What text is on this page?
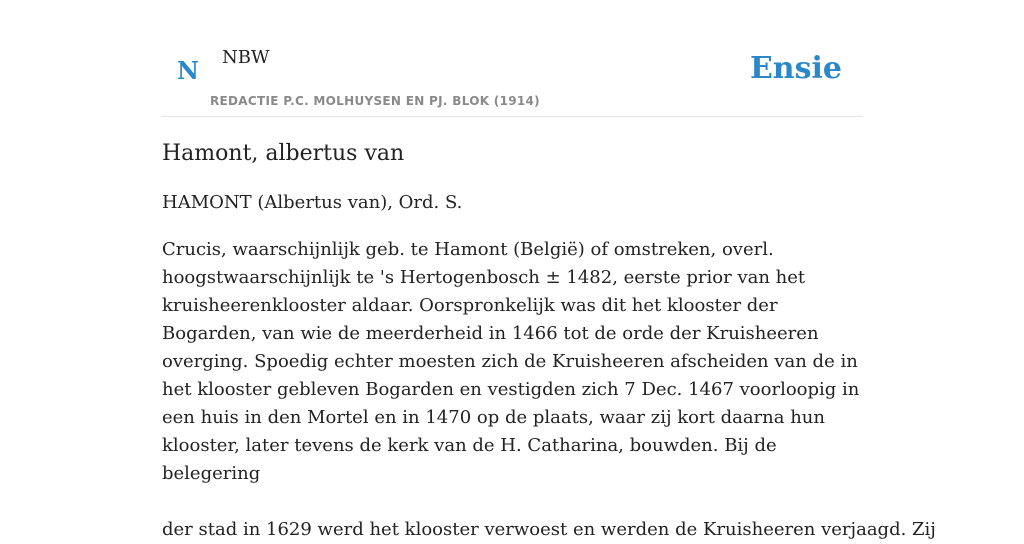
N NBW
REDACTIE P.C. MOLHUYSEN EN PJ. BLOK (1914)
Ensie
Hamont, albertus van

HAMONT (Albertus van), Ord. S.

Crucis, waarschijnlijk geb. te Hamont (België) of omstreken, overl. hoogstwaarschijnlijk te 's Hertogenbosch ± 1482, eerste prior van het kruisheerenklooster aldaar. Oorspronkelijk was dit het klooster der Bogarden, van wie de meerderheid in 1466 tot de orde der Kruisheeren overging. Spoedig echter moesten zich de Kruisheeren afscheiden van de in het klooster gebleven Bogarden en vestigden zich 7 Dec. 1467 voorloopig in een huis in den Mortel en in 1470 op de plaats, waar zij kort daarna hun klooster, later tevens de kerk van de H. Catharina, bouwden. Bij de belegering

der stad in 1629 werd het klooster verwoest en werden de Kruisheeren verjaagd. Zij
